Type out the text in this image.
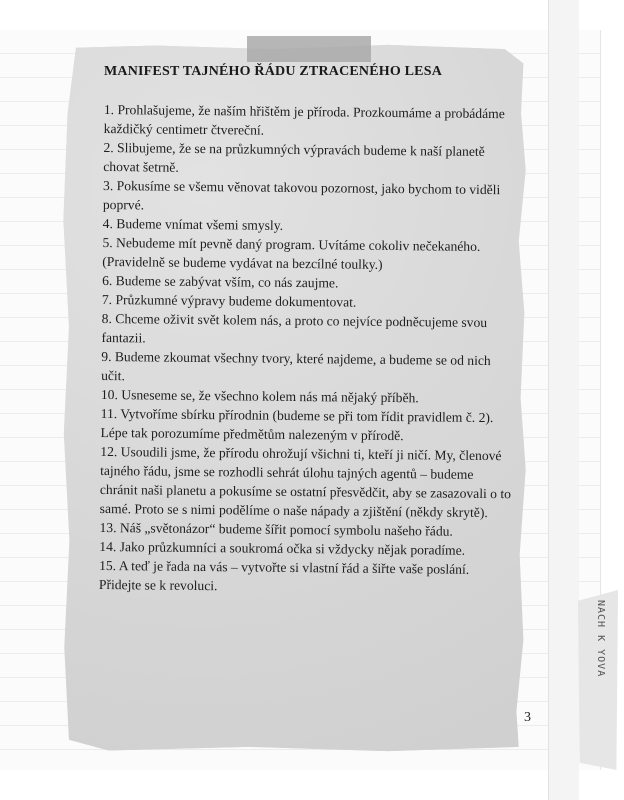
NACH K YOVA
MANIFEST TAJNÉHO ŘÁDU ZTRACENÉHO LESA
1. Prohlašujeme, že naším hřištěm je příroda. Prozkoumáme a probádáme každičký centimetr čtvereční.
2. Slibujeme, že se na průzkumných výpravách budeme k naší planetě chovat šetrně.
3. Pokusíme se všemu věnovat takovou pozornost, jako bychom to viděli poprvé.
4. Budeme vnímat všemi smysly.
5. Nebudeme mít pevně daný program. Uvítáme cokoliv nečekaného. (Pravidelně se budeme vydávat na bezcílné toulky.)
6. Budeme se zabývat vším, co nás zaujme.
7. Průzkumné výpravy budeme dokumentovat.
8. Chceme oživit svět kolem nás, a proto co nejvíce podněcujeme svou fantazii.
9. Budeme zkoumat všechny tvory, které najdeme, a budeme se od nich učit.
10. Usneseme se, že všechno kolem nás má nějaký příběh.
11. Vytvoříme sbírku přírodnin (budeme se při tom řídit pravidlem č. 2). Lépe tak porozumíme předmětům nalezeným v přírodě.
12. Usoudili jsme, že přírodu ohrožují všichni ti, kteří ji ničí. My, členové tajného řádu, jsme se rozhodli sehrát úlohu tajných agentů – budeme chránit naši planetu a pokusíme se ostatní přesvědčit, aby se zasazovali o to samé. Proto se s nimi podělíme o naše nápady a zjištění (někdy skrytě).
13. Náš „světonázor“ budeme šířit pomocí symbolu našeho řádu.
14. Jako průzkumníci a soukromá očka si vždycky nějak poradíme.
15. A teď je řada na vás – vytvořte si vlastní řád a šiřte vaše poslání. Přidejte se k revoluci.
3
